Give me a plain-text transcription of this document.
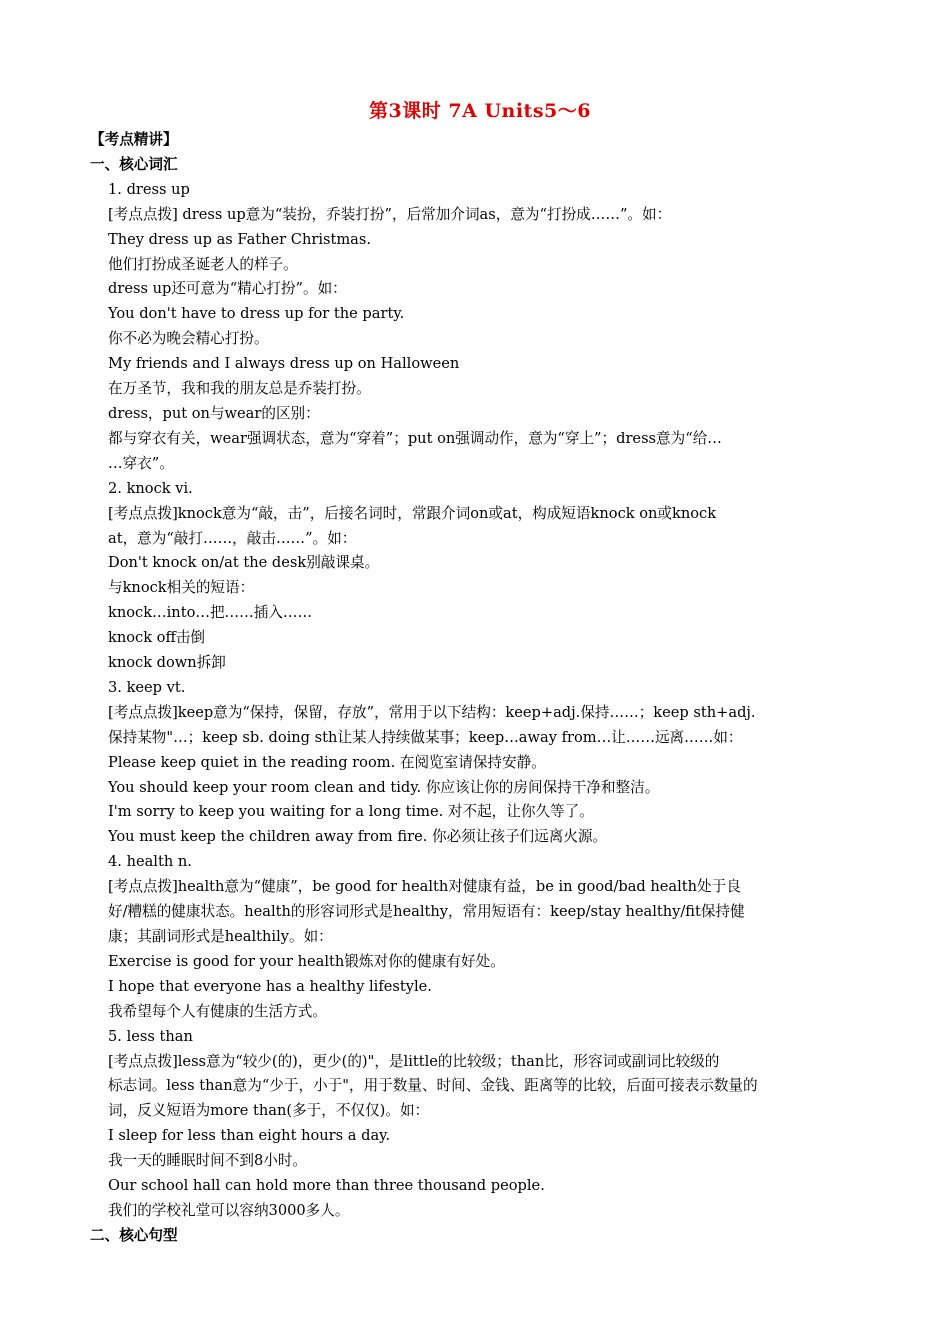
第3课时 7A Units5～6
【考点精讲】
一、核心词汇
1. dress up
[考点点拨] dress up意为“装扮，乔装打扮”，后常加介词as，意为“打扮成……”。如：
They dress up as Father Christmas.
他们打扮成圣诞老人的样子。
dress up还可意为“精心打扮”。如：
You don't have to dress up for the party.
你不必为晚会精心打扮。
My friends and I always dress up on Halloween
在万圣节，我和我的朋友总是乔装打扮。
dress，put on与wear的区别：
都与穿衣有关，wear强调状态，意为“穿着”；put on强调动作，意为“穿上”；dress意为“给…
…穿衣”。
2. knock vi.
[考点点拨]knock意为“敲，击”，后接名词时，常跟介词on或at，构成短语knock on或knock
at，意为“敲打……，敲击……”。如：
Don't knock on/at the desk别敲课桌。
与knock相关的短语：
knock…into…把……插入……
knock off击倒
knock down拆卸
3. keep vt.
[考点点拨]keep意为“保持，保留，存放”，常用于以下结构：keep+adj.保持……；keep sth+adj.
保持某物"…；keep sb. doing sth让某人持续做某事；keep…away from…让……远离……如：
Please keep quiet in the reading room. 在阅览室请保持安静。
You should keep your room clean and tidy. 你应该让你的房间保持干净和整洁。
I'm sorry to keep you waiting for a long time. 对不起，让你久等了。
You must keep the children away from fire. 你必须让孩子们远离火源。
4. health n.
[考点点拨]health意为“健康”，be good for health对健康有益，be in good/bad health处于良
好/糟糕的健康状态。health的形容词形式是healthy，常用短语有：keep/stay healthy/fit保持健
康；其副词形式是healthily。如：
Exercise is good for your health锻炼对你的健康有好处。
I hope that everyone has a healthy lifestyle.
我希望每个人有健康的生活方式。
5. less than
[考点点拨]less意为“较少(的)，更少(的)"，是little的比较级；than比，形容词或副词比较级的
标志词。less than意为“少于，小于"，用于数量、时间、金钱、距离等的比较，后面可接表示数量的
词，反义短语为more than(多于，不仅仅)。如：
I sleep for less than eight hours a day.
我一天的睡眠时间不到8小时。
Our school hall can hold more than three thousand people.
我们的学校礼堂可以容纳3000多人。
二、核心句型
